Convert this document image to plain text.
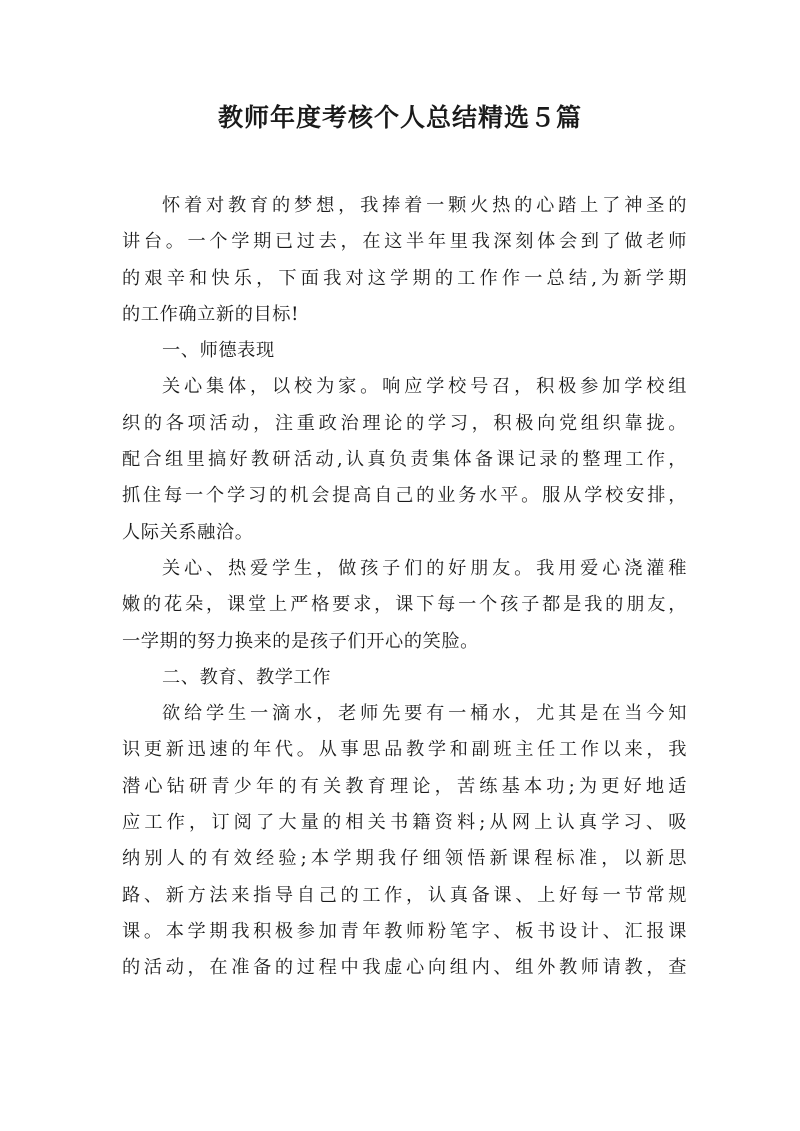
教师年度考核个人总结精选５篇
怀着对教育的梦想，我捧着一颗火热的心踏上了神圣的
讲台。一个学期已过去，在这半年里我深刻体会到了做老师
的艰辛和快乐，下面我对这学期的工作作一总结,为新学期
的工作确立新的目标!
一、师德表现
关心集体，以校为家。响应学校号召，积极参加学校组
织的各项活动，注重政治理论的学习，积极向党组织靠拢。
配合组里搞好教研活动,认真负责集体备课记录的整理工作，
抓住每一个学习的机会提高自己的业务水平。服从学校安排，
人际关系融洽。
关心、热爱学生，做孩子们的好朋友。我用爱心浇灌稚
嫩的花朵，课堂上严格要求，课下每一个孩子都是我的朋友，
一学期的努力换来的是孩子们开心的笑脸。
二、教育、教学工作
欲给学生一滴水，老师先要有一桶水，尤其是在当今知
识更新迅速的年代。从事思品教学和副班主任工作以来，我
潜心钻研青少年的有关教育理论，苦练基本功;为更好地适
应工作，订阅了大量的相关书籍资料;从网上认真学习、吸
纳别人的有效经验;本学期我仔细领悟新课程标准，以新思
路、新方法来指导自己的工作，认真备课、上好每一节常规
课。本学期我积极参加青年教师粉笔字、板书设计、汇报课
的活动，在准备的过程中我虚心向组内、组外教师请教，查
